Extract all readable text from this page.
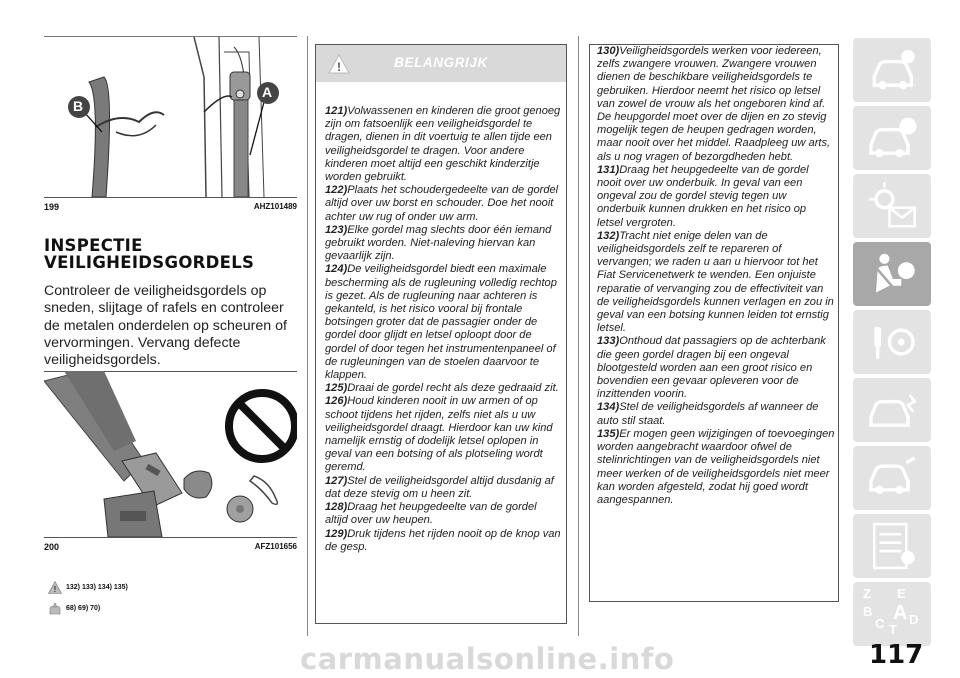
A
B
199	AHZ101489
INSPECTIE
VEILIGHEIDSGORDELS
Controleer de veiligheidsgordels op sneden, slijtage of rafels en controleer de metalen onderdelen op scheuren of vervormingen. Vervang defecte veiligheidsgordels.
200	AFZ101656
! 132) 133) 134) 135)
68) 69) 70)
!	BELANGRIJK
121)Volwassenen en kinderen die groot genoeg zijn om fatsoenlijk een veiligheidsgordel te dragen, dienen in dit voertuig te allen tijde een veiligheidsgordel te dragen. Voor andere kinderen moet altijd een geschikt kinderzitje worden gebruikt.
122)Plaats het schoudergedeelte van de gordel altijd over uw borst en schouder. Doe het nooit achter uw rug of onder uw arm.
123)Elke gordel mag slechts door één iemand gebruikt worden. Niet-naleving hiervan kan gevaarlijk zijn.
124)De veiligheidsgordel biedt een maximale bescherming als de rugleuning volledig rechtop is gezet. Als de rugleuning naar achteren is gekanteld, is het risico vooral bij frontale botsingen groter dat de passagier onder de gordel door glijdt en letsel oploopt door de gordel of door tegen het instrumentenpaneel of de rugleuningen van de stoelen daarvoor te klappen.
125)Draai de gordel recht als deze gedraaid zit.
126)Houd kinderen nooit in uw armen of op schoot tijdens het rijden, zelfs niet als u uw veiligheidsgordel draagt. Hierdoor kan uw kind namelijk ernstig of dodelijk letsel oplopen in geval van een botsing of als plotseling wordt geremd.
127)Stel de veiligheidsgordel altijd dusdanig af dat deze stevig om u heen zit.
128)Draag het heupgedeelte van de gordel altijd over uw heupen.
129)Druk tijdens het rijden nooit op de knop van de gesp.
130)Veiligheidsgordels werken voor iedereen, zelfs zwangere vrouwen. Zwangere vrouwen dienen de beschikbare veiligheidsgordels te gebruiken. Hierdoor neemt het risico op letsel van zowel de vrouw als het ongeboren kind af. De heupgordel moet over de dijen en zo stevig mogelijk tegen de heupen gedragen worden, maar nooit over het middel. Raadpleeg uw arts, als u nog vragen of bezorgdheden hebt.
131)Draag het heupgedeelte van de gordel nooit over uw onderbuik. In geval van een ongeval zou de gordel stevig tegen uw onderbuik kunnen drukken en het risico op letsel vergroten.
132)Tracht niet enige delen van de veiligheidsgordels zelf te repareren of vervangen; we raden u aan u hiervoor tot het Fiat Servicenetwerk te wenden. Een onjuiste reparatie of vervanging zou de effectiviteit van de veiligheidsgordels kunnen verlagen en zou in geval van een botsing kunnen leiden tot ernstig letsel.
133)Onthoud dat passagiers op de achterbank die geen gordel dragen bij een ongeval blootgesteld worden aan een groot risico en bovendien een gevaar opleveren voor de inzittenden voorin.
134)Stel de veiligheidsgordels af wanneer de auto stil staat.
135)Er mogen geen wijzigingen of toevoegingen worden aangebracht waardoor ofwel de stelinrichtingen van de veiligheidsgordels niet meer werken of de veiligheidsgordels niet meer kan worden afgesteld, zodat hij goed wordt aangespannen.
Z E
B A
C T
D
117
carmanualsonline.info
